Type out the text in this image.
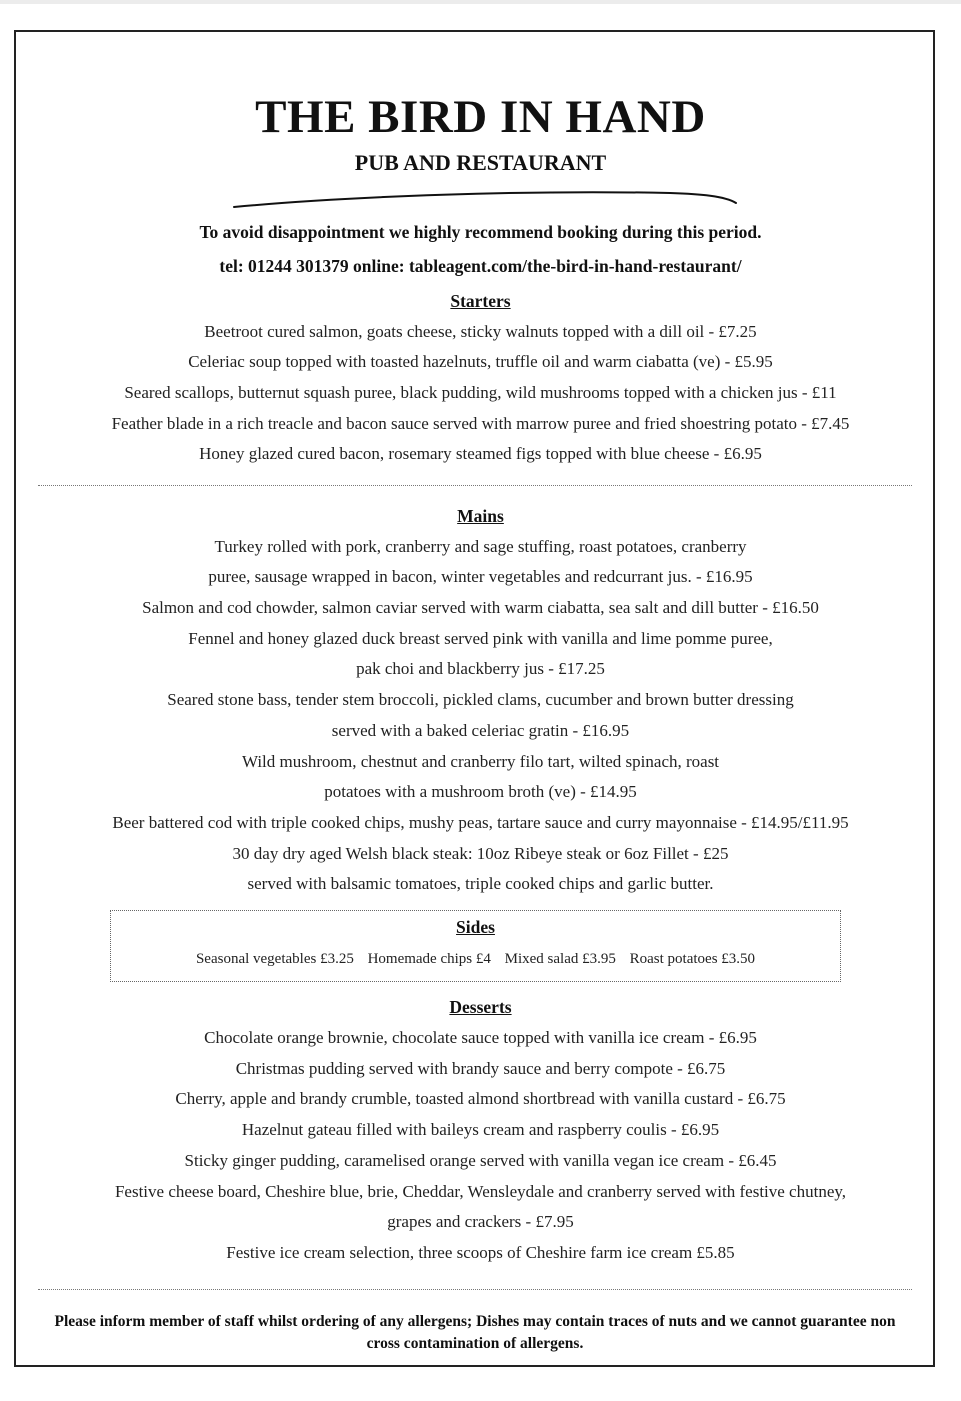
THE BIRD IN HAND
PUB AND RESTAURANT
To avoid disappointment we highly recommend booking during this period.
tel: 01244 301379 online: tableagent.com/the-bird-in-hand-restaurant/
Starters
Beetroot cured salmon, goats cheese, sticky walnuts topped with a dill oil - £7.25
Celeriac soup topped with toasted hazelnuts, truffle oil and warm ciabatta (ve) - £5.95
Seared scallops, butternut squash puree, black pudding, wild mushrooms topped with a chicken jus - £11
Feather blade in a rich treacle and bacon sauce served with marrow puree and fried shoestring potato - £7.45
Honey glazed cured bacon, rosemary steamed figs topped with blue cheese - £6.95
Mains
Turkey rolled with pork, cranberry and sage stuffing, roast potatoes, cranberry
puree, sausage wrapped in bacon, winter vegetables and redcurrant jus. - £16.95
Salmon and cod chowder, salmon caviar served with warm ciabatta, sea salt and dill butter - £16.50
Fennel and honey glazed duck breast served pink with vanilla and lime pomme puree,
pak choi and blackberry jus - £17.25
Seared stone bass, tender stem broccoli, pickled clams, cucumber and brown butter dressing
served with a baked celeriac gratin - £16.95
Wild mushroom, chestnut and cranberry filo tart, wilted spinach, roast
potatoes with a mushroom broth (ve) - £14.95
Beer battered cod with triple cooked chips, mushy peas, tartare sauce and curry mayonnaise - £14.95/£11.95
30 day dry aged Welsh black steak: 10oz Ribeye steak or 6oz Fillet - £25
served with balsamic tomatoes, triple cooked chips and garlic butter.
Sides
Seasonal vegetables £3.25 Homemade chips £4 Mixed salad £3.95 Roast potatoes £3.50
Desserts
Chocolate orange brownie, chocolate sauce topped with vanilla ice cream - £6.95
Christmas pudding served with brandy sauce and berry compote - £6.75
Cherry, apple and brandy crumble, toasted almond shortbread with vanilla custard - £6.75
Hazelnut gateau filled with baileys cream and raspberry coulis - £6.95
Sticky ginger pudding, caramelised orange served with vanilla vegan ice cream - £6.45
Festive cheese board, Cheshire blue, brie, Cheddar, Wensleydale and cranberry served with festive chutney,
grapes and crackers - £7.95
Festive ice cream selection, three scoops of Cheshire farm ice cream £5.85
Please inform member of staff whilst ordering of any allergens; Dishes may contain traces of nuts and we cannot guarantee non
cross contamination of allergens.
